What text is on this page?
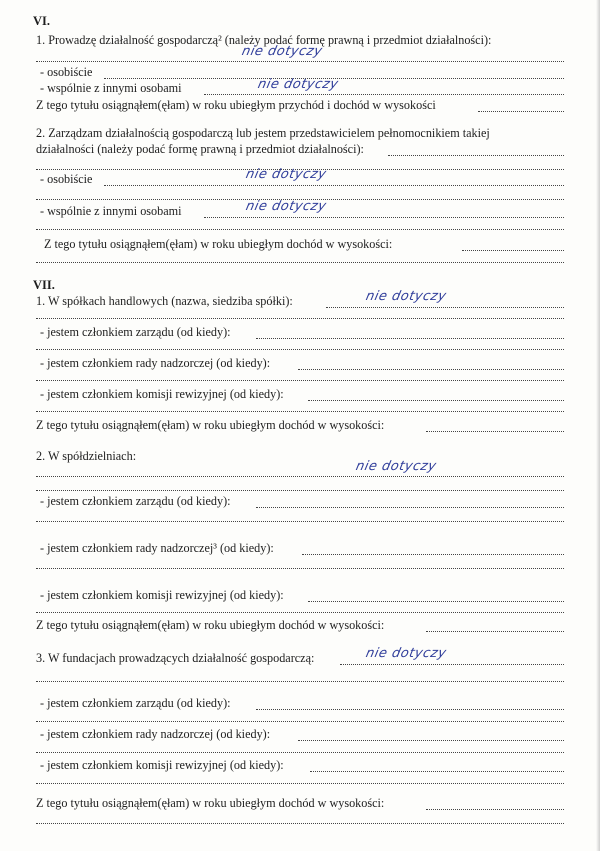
VI.
1. Prowadzę działalność gospodarczą² (należy podać formę prawną i przedmiot działalności):
nie dotyczy
- osobiście
- wspólnie z innymi osobami	nie dotyczy
Z tego tytułu osiągnąłem(ęłam) w roku ubiegłym przychód i dochód w wysokości
2. Zarządzam działalnością gospodarczą lub jestem przedstawicielem pełnomocnikiem takiej
działalności (należy podać formę prawną i przedmiot działalności):
- osobiście	nie dotyczy
- wspólnie z innymi osobami	nie dotyczy
Z tego tytułu osiągnąłem(ęłam) w roku ubiegłym dochód w wysokości:
VII.
1. W spółkach handlowych (nazwa, siedziba spółki):	nie dotyczy
- jestem członkiem zarządu (od kiedy):
- jestem członkiem rady nadzorczej (od kiedy):
- jestem członkiem komisji rewizyjnej (od kiedy):
Z tego tytułu osiągnąłem(ęłam) w roku ubiegłym dochód w wysokości:
2. W spółdzielniach:
nie dotyczy
- jestem członkiem zarządu (od kiedy):
- jestem członkiem rady nadzorczej³ (od kiedy):
- jestem członkiem komisji rewizyjnej (od kiedy):
Z tego tytułu osiągnąłem(ęłam) w roku ubiegłym dochód w wysokości:
3. W fundacjach prowadzących działalność gospodarczą:	nie dotyczy
- jestem członkiem zarządu (od kiedy):
- jestem członkiem rady nadzorczej (od kiedy):
- jestem członkiem komisji rewizyjnej (od kiedy):
Z tego tytułu osiągnąłem(ęłam) w roku ubiegłym dochód w wysokości:
